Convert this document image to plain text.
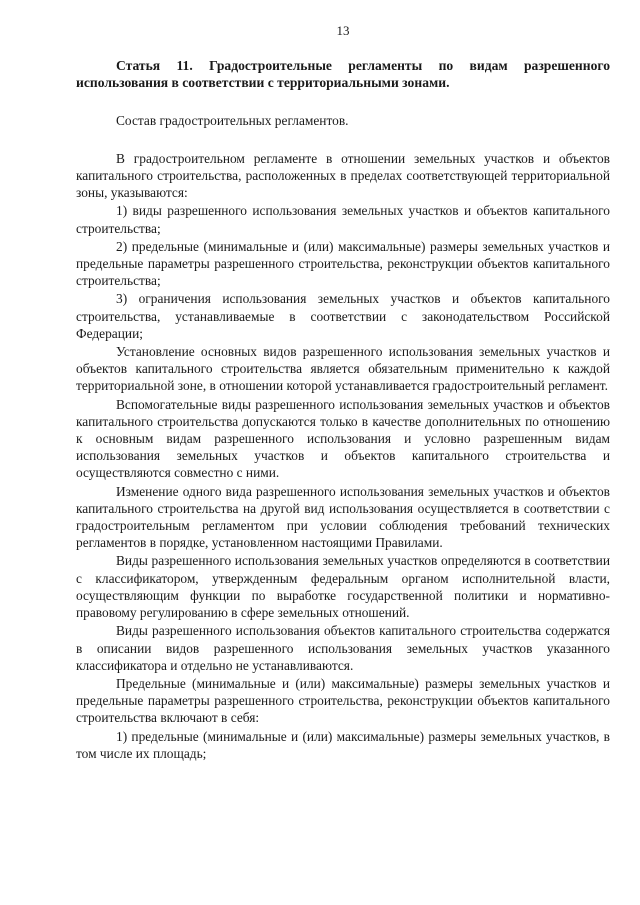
13
Статья 11. Градостроительные регламенты по видам разрешенного использования в соответствии с территориальными зонами.
Состав градостроительных регламентов.

В градостроительном регламенте в отношении земельных участков и объектов капитального строительства, расположенных в пределах соответствующей территориальной зоны, указываются:

1) виды разрешенного использования земельных участков и объектов капитального строительства;

2) предельные (минимальные и (или) максимальные) размеры земельных участков и предельные параметры разрешенного строительства, реконструкции объектов капитального строительства;

3) ограничения использования земельных участков и объектов капитального строительства, устанавливаемые в соответствии с законодательством Российской Федерации;

Установление основных видов разрешенного использования земельных участков и объектов капитального строительства является обязательным применительно к каждой территориальной зоне, в отношении которой устанавливается градостроительный регламент.

Вспомогательные виды разрешенного использования земельных участков и объектов капитального строительства допускаются только в качестве дополнительных по отношению к основным видам разрешенного использования и условно разрешенным видам использования земельных участков и объектов капитального строительства и осуществляются совместно с ними.

Изменение одного вида разрешенного использования земельных участков и объектов капитального строительства на другой вид использования осуществляется в соответствии с градостроительным регламентом при условии соблюдения требований технических регламентов в порядке, установленном настоящими Правилами.

Виды разрешенного использования земельных участков определяются в соответствии с классификатором, утвержденным федеральным органом исполнительной власти, осуществляющим функции по выработке государственной политики и нормативно-правовому регулированию в сфере земельных отношений.

Виды разрешенного использования объектов капитального строительства содержатся в описании видов разрешенного использования земельных участков указанного классификатора и отдельно не устанавливаются.

Предельные (минимальные и (или) максимальные) размеры земельных участков и предельные параметры разрешенного строительства, реконструкции объектов капитального строительства включают в себя:

1) предельные (минимальные и (или) максимальные) размеры земельных участков, в том числе их площадь;
